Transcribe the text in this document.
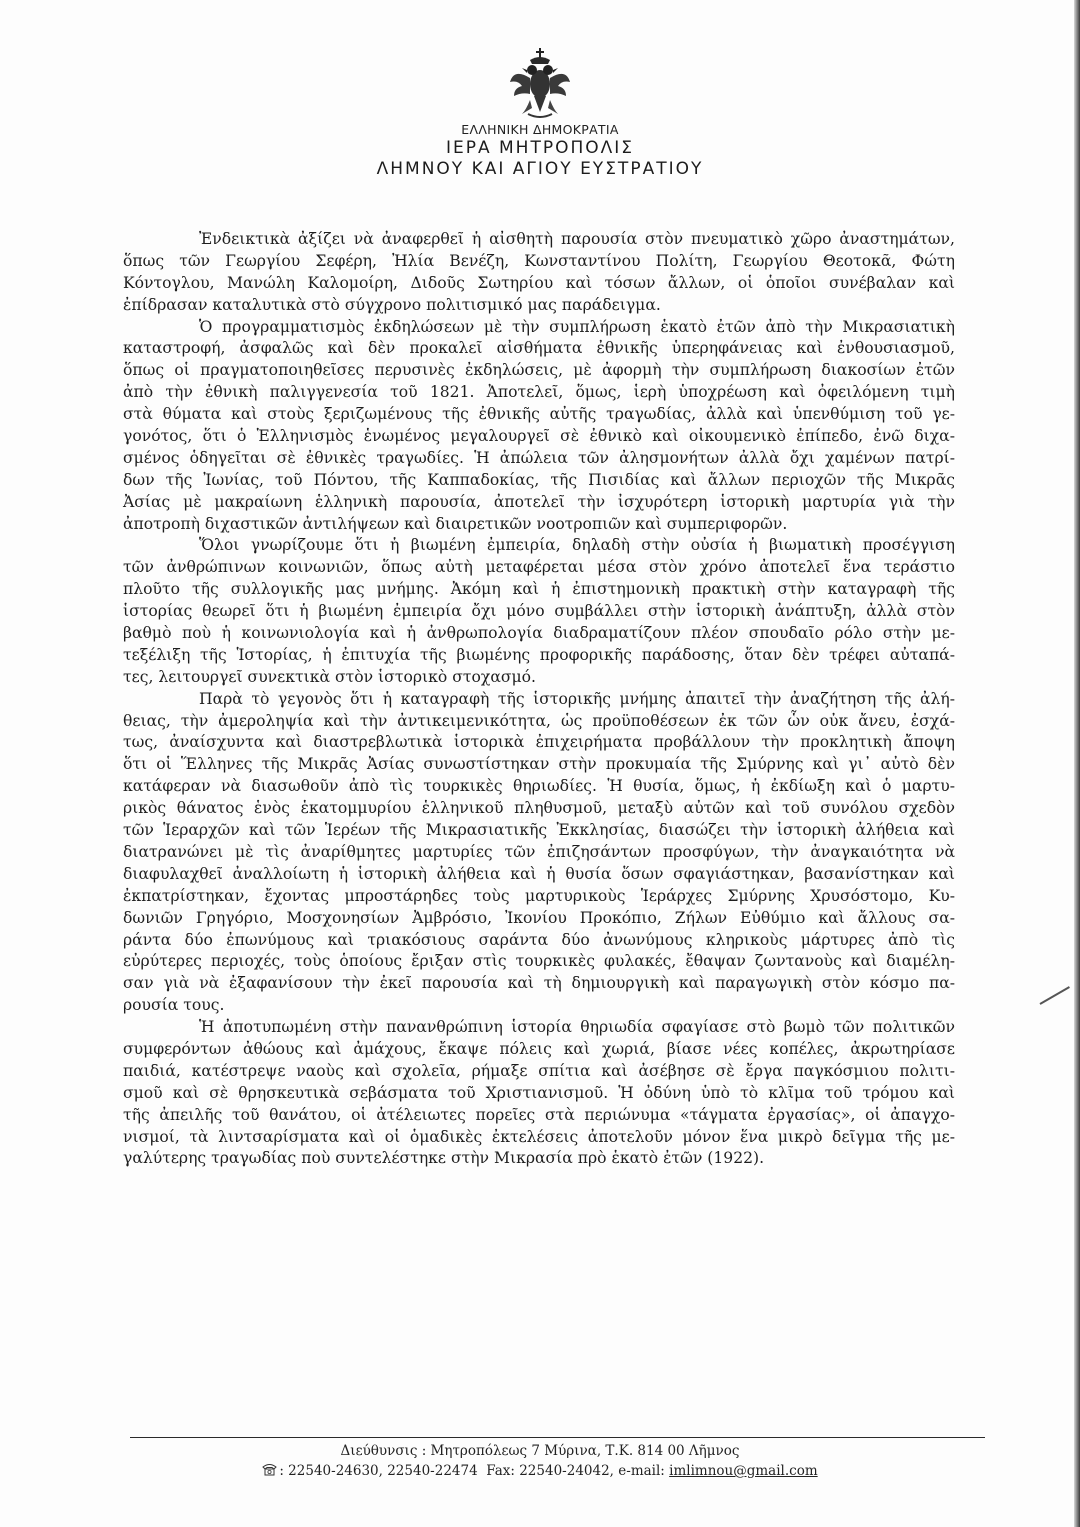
ΕΛΛΗΝΙΚΗ ΔΗΜΟΚΡΑΤΙΑ
ΙΕΡΑ ΜΗΤΡΟΠΟΛΙΣ
ΛΗΜΝΟΥ ΚΑΙ ΑΓΙΟΥ ΕΥΣΤΡΑΤΙΟΥ
Ἐνδεικτικὰ ἀξίζει νὰ ἀναφερθεῖ ἡ αἰσθητὴ παρουσία στὸν πνευματικὸ χῶρο ἀναστημάτων,
ὅπως τῶν Γεωργίου Σεφέρη, Ἠλία Βενέζη, Κωνσταντίνου Πολίτη, Γεωργίου Θεοτοκᾶ, Φώτη
Κόντογλου, Μανώλη Καλομοίρη, Διδοῦς Σωτηρίου καὶ τόσων ἄλλων, οἱ ὁποῖοι συνέβαλαν καὶ
ἐπίδρασαν καταλυτικὰ στὸ σύγχρονο πολιτισμικό μας παράδειγμα.
Ὁ προγραμματισμὸς ἐκδηλώσεων μὲ τὴν συμπλήρωση ἑκατὸ ἐτῶν ἀπὸ τὴν Μικρασιατικὴ
καταστροφή, ἀσφαλῶς καὶ δὲν προκαλεῖ αἰσθήματα ἐθνικῆς ὑπερηφάνειας καὶ ἐνθουσιασμοῦ,
ὅπως οἱ πραγματοποιηθεῖσες περυσινὲς ἐκδηλώσεις, μὲ ἀφορμὴ τὴν συμπλήρωση διακοσίων ἐτῶν
ἀπὸ τὴν ἐθνικὴ παλιγγενεσία τοῦ 1821. Ἀποτελεῖ, ὅμως, ἱερὴ ὑποχρέωση καὶ ὀφειλόμενη τιμὴ
στὰ θύματα καὶ στοὺς ξεριζωμένους τῆς ἐθνικῆς αὐτῆς τραγωδίας, ἀλλὰ καὶ ὑπενθύμιση τοῦ γε-
γονότος, ὅτι ὁ Ἑλληνισμὸς ἑνωμένος μεγαλουργεῖ σὲ ἐθνικὸ καὶ οἰκουμενικὸ ἐπίπεδο, ἐνῶ διχα-
σμένος ὁδηγεῖται σὲ ἐθνικὲς τραγωδίες. Ἡ ἀπώλεια τῶν ἀλησμονήτων ἀλλὰ ὄχι χαμένων πατρί-
δων τῆς Ἰωνίας, τοῦ Πόντου, τῆς Καππαδοκίας, τῆς Πισιδίας καὶ ἄλλων περιοχῶν τῆς Μικρᾶς
Ἀσίας μὲ μακραίωνη ἑλληνικὴ παρουσία, ἀποτελεῖ τὴν ἰσχυρότερη ἱστορικὴ μαρτυρία γιὰ τὴν
ἀποτροπὴ διχαστικῶν ἀντιλήψεων καὶ διαιρετικῶν νοοτροπιῶν καὶ συμπεριφορῶν.
Ὅλοι γνωρίζουμε ὅτι ἡ βιωμένη ἐμπειρία, δηλαδὴ στὴν οὐσία ἡ βιωματικὴ προσέγγιση
τῶν ἀνθρώπινων κοινωνιῶν, ὅπως αὐτὴ μεταφέρεται μέσα στὸν χρόνο ἀποτελεῖ ἕνα τεράστιο
πλοῦτο τῆς συλλογικῆς μας μνήμης. Ἀκόμη καὶ ἡ ἐπιστημονικὴ πρακτικὴ στὴν καταγραφὴ τῆς
ἱστορίας θεωρεῖ ὅτι ἡ βιωμένη ἐμπειρία ὄχι μόνο συμβάλλει στὴν ἱστορικὴ ἀνάπτυξη, ἀλλὰ στὸν
βαθμὸ ποὺ ἡ κοινωνιολογία καὶ ἡ ἀνθρωπολογία διαδραματίζουν πλέον σπουδαῖο ρόλο στὴν με-
τεξέλιξη τῆς Ἱστορίας, ἡ ἐπιτυχία τῆς βιωμένης προφορικῆς παράδοσης, ὅταν δὲν τρέφει αὐταπά-
τες, λειτουργεῖ συνεκτικὰ στὸν ἱστορικὸ στοχασμό.
Παρὰ τὸ γεγονὸς ὅτι ἡ καταγραφὴ τῆς ἱστορικῆς μνήμης ἀπαιτεῖ τὴν ἀναζήτηση τῆς ἀλή-
θειας, τὴν ἀμεροληψία καὶ τὴν ἀντικειμενικότητα, ὡς προϋποθέσεων ἐκ τῶν ὧν οὐκ ἄνευ, ἐσχά-
τως, ἀναίσχυντα καὶ διαστρεβλωτικὰ ἱστορικὰ ἐπιχειρήματα προβάλλουν τὴν προκλητικὴ ἄποψη
ὅτι οἱ Ἕλληνες τῆς Μικρᾶς Ἀσίας συνωστίστηκαν στὴν προκυμαία τῆς Σμύρνης καὶ γι᾽ αὐτὸ δὲν
κατάφεραν νὰ διασωθοῦν ἀπὸ τὶς τουρκικὲς θηριωδίες. Ἡ θυσία, ὅμως, ἡ ἐκδίωξη καὶ ὁ μαρτυ-
ρικὸς θάνατος ἑνὸς ἑκατομμυρίου ἑλληνικοῦ πληθυσμοῦ, μεταξὺ αὐτῶν καὶ τοῦ συνόλου σχεδὸν
τῶν Ἱεραρχῶν καὶ τῶν Ἱερέων τῆς Μικρασιατικῆς Ἐκκλησίας, διασώζει τὴν ἱστορικὴ ἀλήθεια καὶ
διατρανώνει μὲ τὶς ἀναρίθμητες μαρτυρίες τῶν ἐπιζησάντων προσφύγων, τὴν ἀναγκαιότητα νὰ
διαφυλαχθεῖ ἀναλλοίωτη ἡ ἱστορικὴ ἀλήθεια καὶ ἡ θυσία ὅσων σφαγιάστηκαν, βασανίστηκαν καὶ
ἐκπατρίστηκαν, ἔχοντας μπροστάρηδες τοὺς μαρτυρικοὺς Ἱεράρχες Σμύρνης Χρυσόστομο, Κυ-
δωνιῶν Γρηγόριο, Μοσχονησίων Ἀμβρόσιο, Ἰκονίου Προκόπιο, Ζήλων Εὐθύμιο καὶ ἄλλους σα-
ράντα δύο ἐπωνύμους καὶ τριακόσιους σαράντα δύο ἀνωνύμους κληρικοὺς μάρτυρες ἀπὸ τὶς
εὐρύτερες περιοχές, τοὺς ὁποίους ἔριξαν στὶς τουρκικὲς φυλακές, ἔθαψαν ζωντανοὺς καὶ διαμέλη-
σαν γιὰ νὰ ἐξαφανίσουν τὴν ἐκεῖ παρουσία καὶ τὴ δημιουργικὴ καὶ παραγωγικὴ στὸν κόσμο πα-
ρουσία τους.
Ἡ ἀποτυπωμένη στὴν πανανθρώπινη ἱστορία θηριωδία σφαγίασε στὸ βωμὸ τῶν πολιτικῶν
συμφερόντων ἀθώους καὶ ἀμάχους, ἔκαψε πόλεις καὶ χωριά, βίασε νέες κοπέλες, ἀκρωτηρίασε
παιδιά, κατέστρεψε ναοὺς καὶ σχολεῖα, ρήμαξε σπίτια καὶ ἀσέβησε σὲ ἔργα παγκόσμιου πολιτι-
σμοῦ καὶ σὲ θρησκευτικὰ σεβάσματα τοῦ Χριστιανισμοῦ. Ἡ ὀδύνη ὑπὸ τὸ κλῖμα τοῦ τρόμου καὶ
τῆς ἀπειλῆς τοῦ θανάτου, οἱ ἀτέλειωτες πορεῖες στὰ περιώνυμα «τάγματα ἐργασίας», οἱ ἀπαγχο-
νισμοί, τὰ λιντσαρίσματα καὶ οἱ ὁμαδικὲς ἐκτελέσεις ἀποτελοῦν μόνον ἕνα μικρὸ δεῖγμα τῆς με-
γαλύτερης τραγωδίας ποὺ συντελέστηκε στὴν Μικρασία πρὸ ἑκατὸ ἐτῶν (1922).
Διεύθυνσις : Μητροπόλεως 7 Μύρινα, Τ.Κ. 814 00 Λῆμνος
: 22540-24630, 22540-22474 Fax: 22540-24042, e-mail: imlimnou@gmail.com
